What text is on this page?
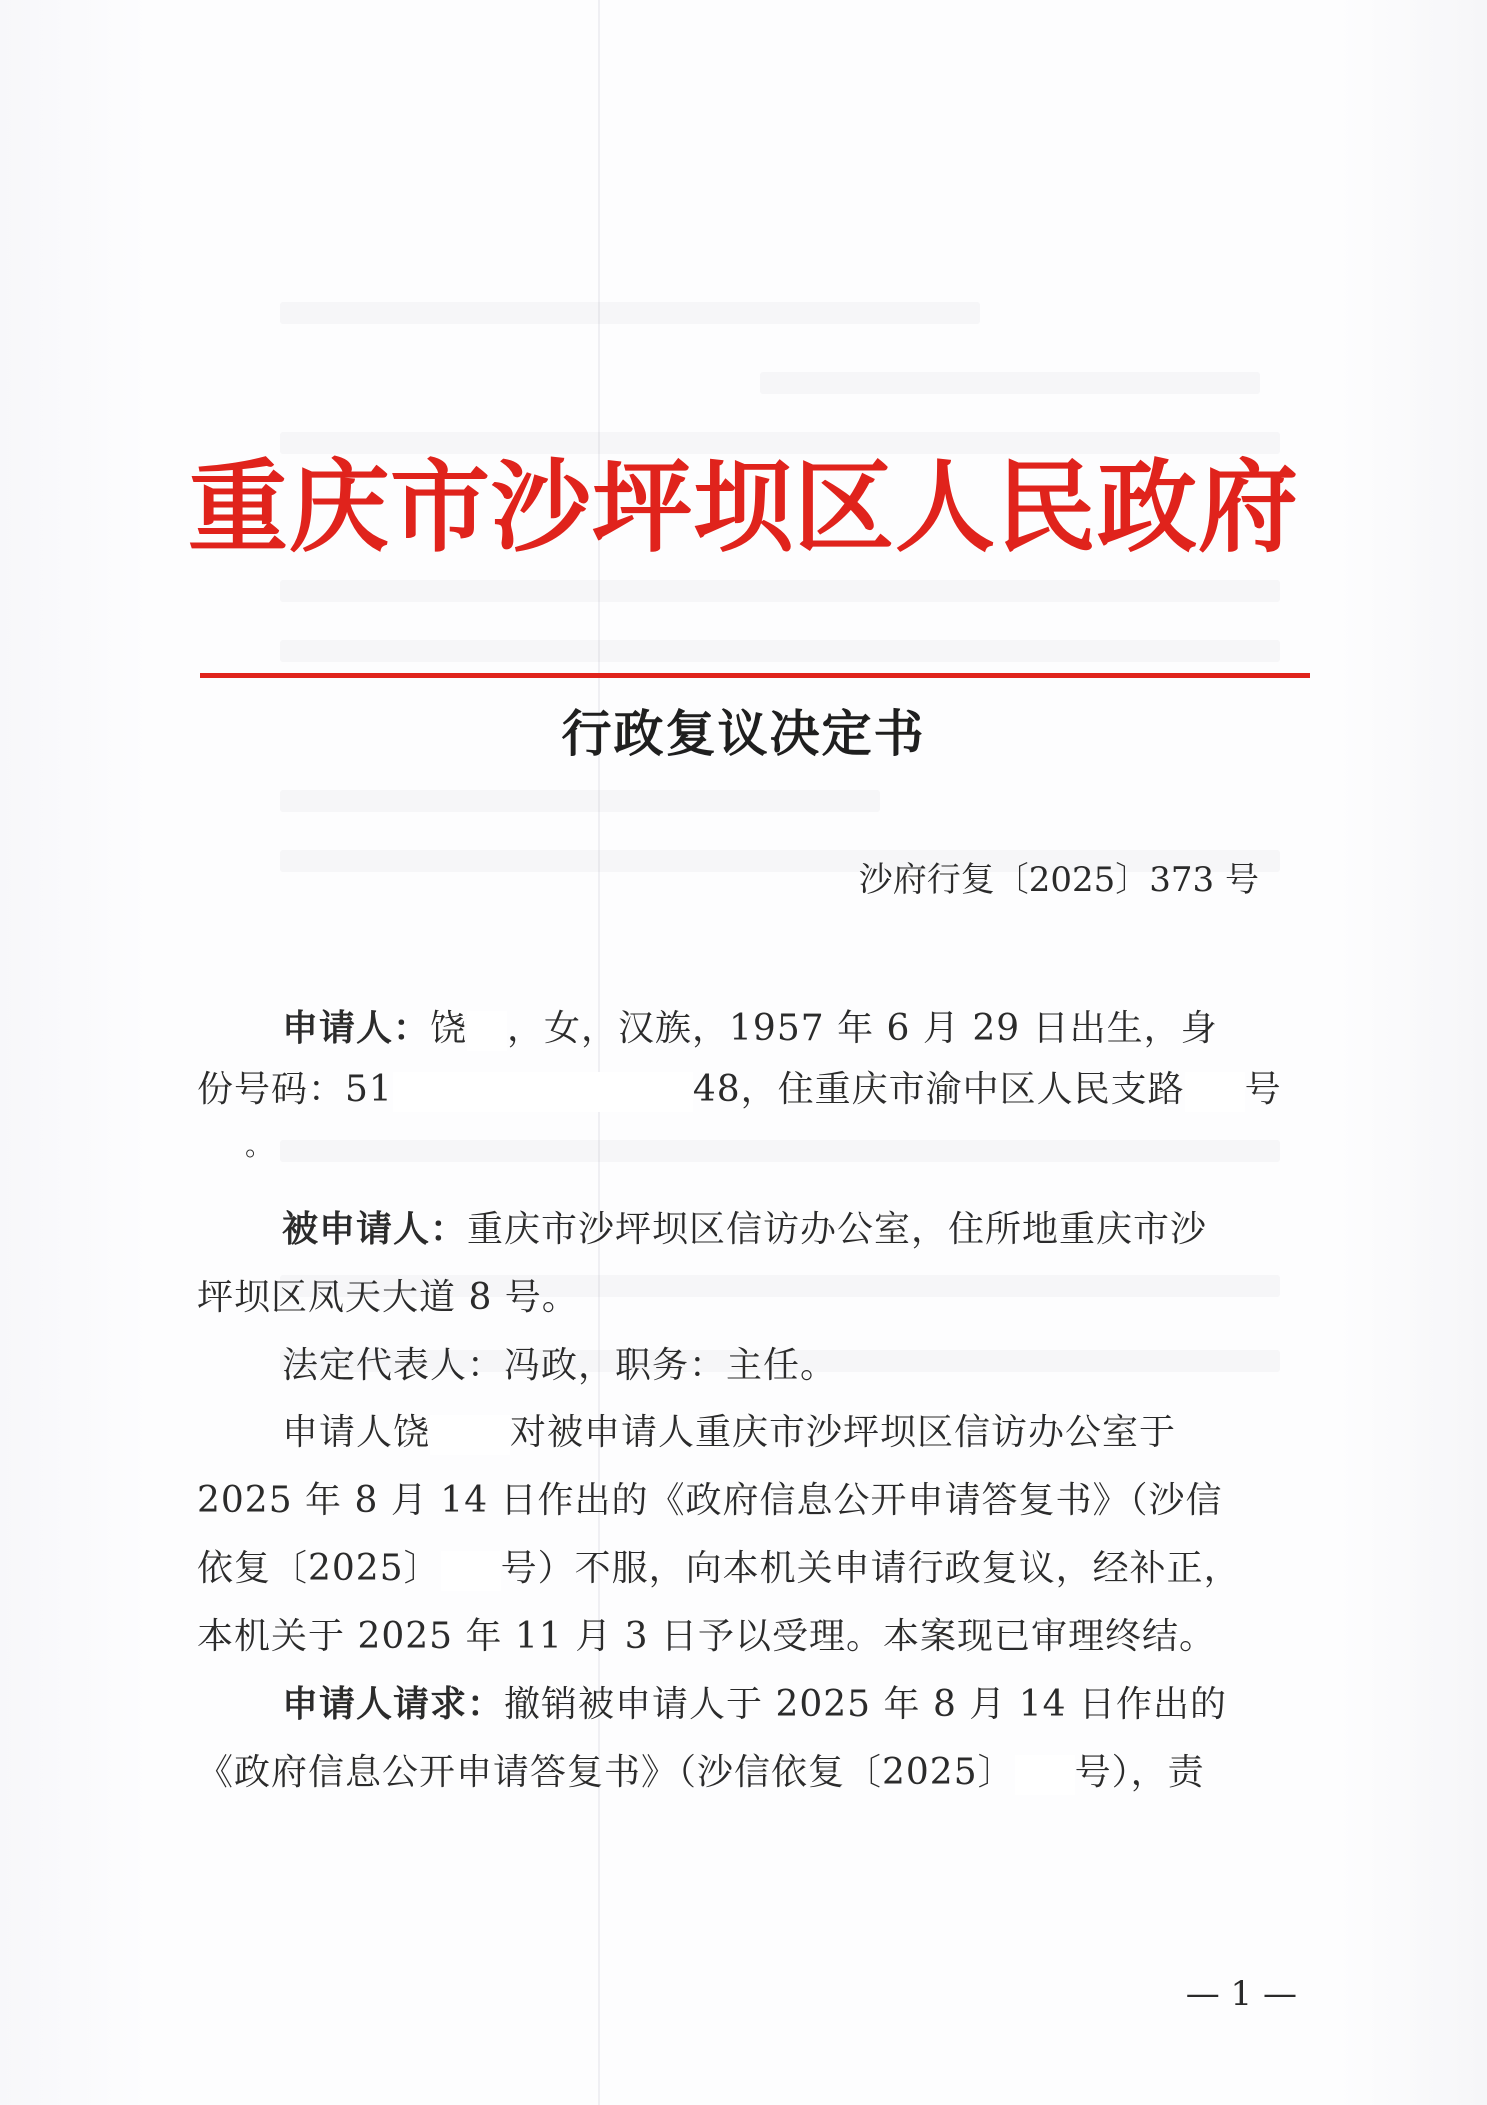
重庆市沙坪坝区人民政府
行政复议决定书
沙府行复〔2025〕373 号
申请人：饶 ，女，汉族，1957 年 6 月 29 日出生，身
份号码：51	48，住重庆市渝中区人民支路 号
。
被申请人：重庆市沙坪坝区信访办公室，住所地重庆市沙
坪坝区凤天大道 8 号。
法定代表人：冯政，职务：主任。
申请人饶 对被申请人重庆市沙坪坝区信访办公室于
2025 年 8 月 14 日作出的《政府信息公开申请答复书》（沙信
依复〔2025〕 号）不服，向本机关申请行政复议，经补正，
本机关于 2025 年 11 月 3 日予以受理。本案现已审理终结。
申请人请求：撤销被申请人于 2025 年 8 月 14 日作出的
《政府信息公开申请答复书》（沙信依复〔2025〕 号），责
— 1 —
